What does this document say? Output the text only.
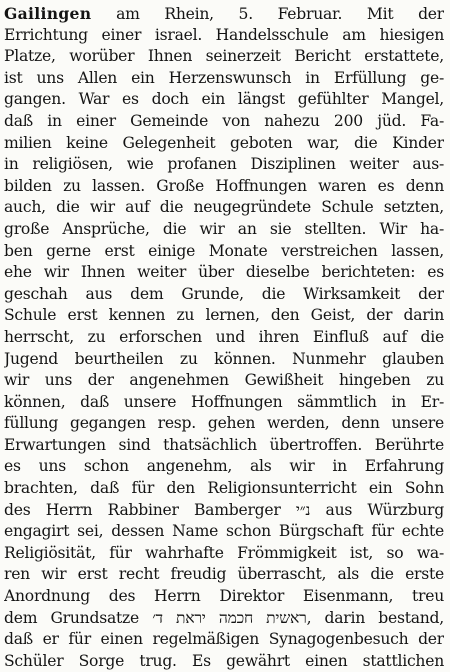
Gailingen am Rhein, 5. Februar. Mit der
Errichtung einer israel. Handelsschule am hiesigen
Platze, worüber Ihnen seinerzeit Bericht erstattete,
ist uns Allen ein Herzenswunsch in Erfüllung ge-
gangen. War es doch ein längst gefühlter Mangel,
daß in einer Gemeinde von nahezu 200 jüd. Fa-
milien keine Gelegenheit geboten war, die Kinder
in religiösen, wie profanen Disziplinen weiter aus-
bilden zu lassen. Große Hoffnungen waren es denn
auch, die wir auf die neugegründete Schule setzten,
große Ansprüche, die wir an sie stellten. Wir ha-
ben gerne erst einige Monate verstreichen lassen,
ehe wir Ihnen weiter über dieselbe berichteten: es
geschah aus dem Grunde, die Wirksamkeit der
Schule erst kennen zu lernen, den Geist, der darin
herrscht, zu erforschen und ihren Einfluß auf die
Jugend beurtheilen zu können. Nunmehr glauben
wir uns der angenehmen Gewißheit hingeben zu
können, daß unsere Hoffnungen sämmtlich in Er-
füllung gegangen resp. gehen werden, denn unsere
Erwartungen sind thatsächlich übertroffen. Berührte
es uns schon angenehm, als wir in Erfahrung
brachten, daß für den Religionsunterricht ein Sohn
des Herrn Rabbiner Bamberger נ״י aus Würzburg
engagirt sei, dessen Name schon Bürgschaft für echte
Religiösität, für wahrhafte Frömmigkeit ist, so wa-
ren wir erst recht freudig überrascht, als die erste
Anordnung des Herrn Direktor Eisenmann, treu
dem Grundsatze ראשית חכמה יראת ד׳, darin bestand,
daß er für einen regelmäßigen Synagogenbesuch der
Schüler Sorge trug. Es gewährt einen stattlichen
